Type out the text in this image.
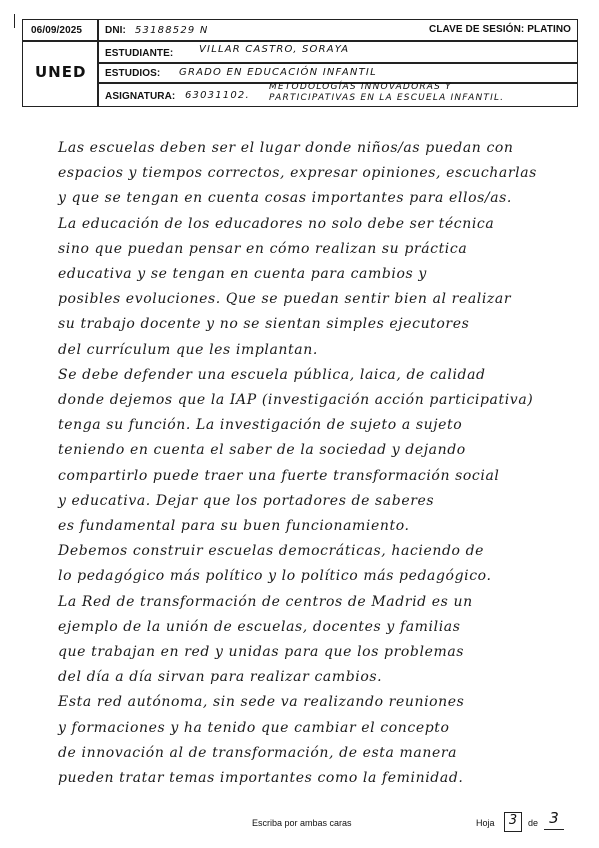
06/09/2025
UNED
DNI: 53188529 N	CLAVE DE SESIÓN: PLATINO
ESTUDIANTE:	VILLAR CASTRO, SORAYA
ESTUDIOS: GRADO EN EDUCACIÓN INFANTIL
ASIGNATURA: 63031102.
METODOLOGÍAS INNOVADORAS Y
PARTICIPATIVAS EN LA ESCUELA INFANTIL.
Las escuelas deben ser el lugar donde niños/as puedan con
espacios y tiempos correctos, expresar opiniones, escucharlas
y que se tengan en cuenta cosas importantes para ellos/as.
La educación de los educadores no solo debe ser técnica
sino que puedan pensar en cómo realizan su práctica
educativa y se tengan en cuenta para cambios y
posibles evoluciones. Que se puedan sentir bien al realizar
su trabajo docente y no se sientan simples ejecutores
del currículum que les implantan.
Se debe defender una escuela pública, laica, de calidad
donde dejemos que la IAP (investigación acción participativa)
tenga su función. La investigación de sujeto a sujeto
teniendo en cuenta el saber de la sociedad y dejando
compartirlo puede traer una fuerte transformación social
y educativa. Dejar que los portadores de saberes
es fundamental para su buen funcionamiento.
Debemos construir escuelas democráticas, haciendo de
lo pedagógico más político y lo político más pedagógico.
La Red de transformación de centros de Madrid es un
ejemplo de la unión de escuelas, docentes y familias
que trabajan en red y unidas para que los problemas
del día a día sirvan para realizar cambios.
Esta red autónoma, sin sede va realizando reuniones
y formaciones y ha tenido que cambiar el concepto
de innovación al de transformación, de esta manera
pueden tratar temas importantes como la feminidad.
Escriba por ambas caras	Hoja	3	de 3
